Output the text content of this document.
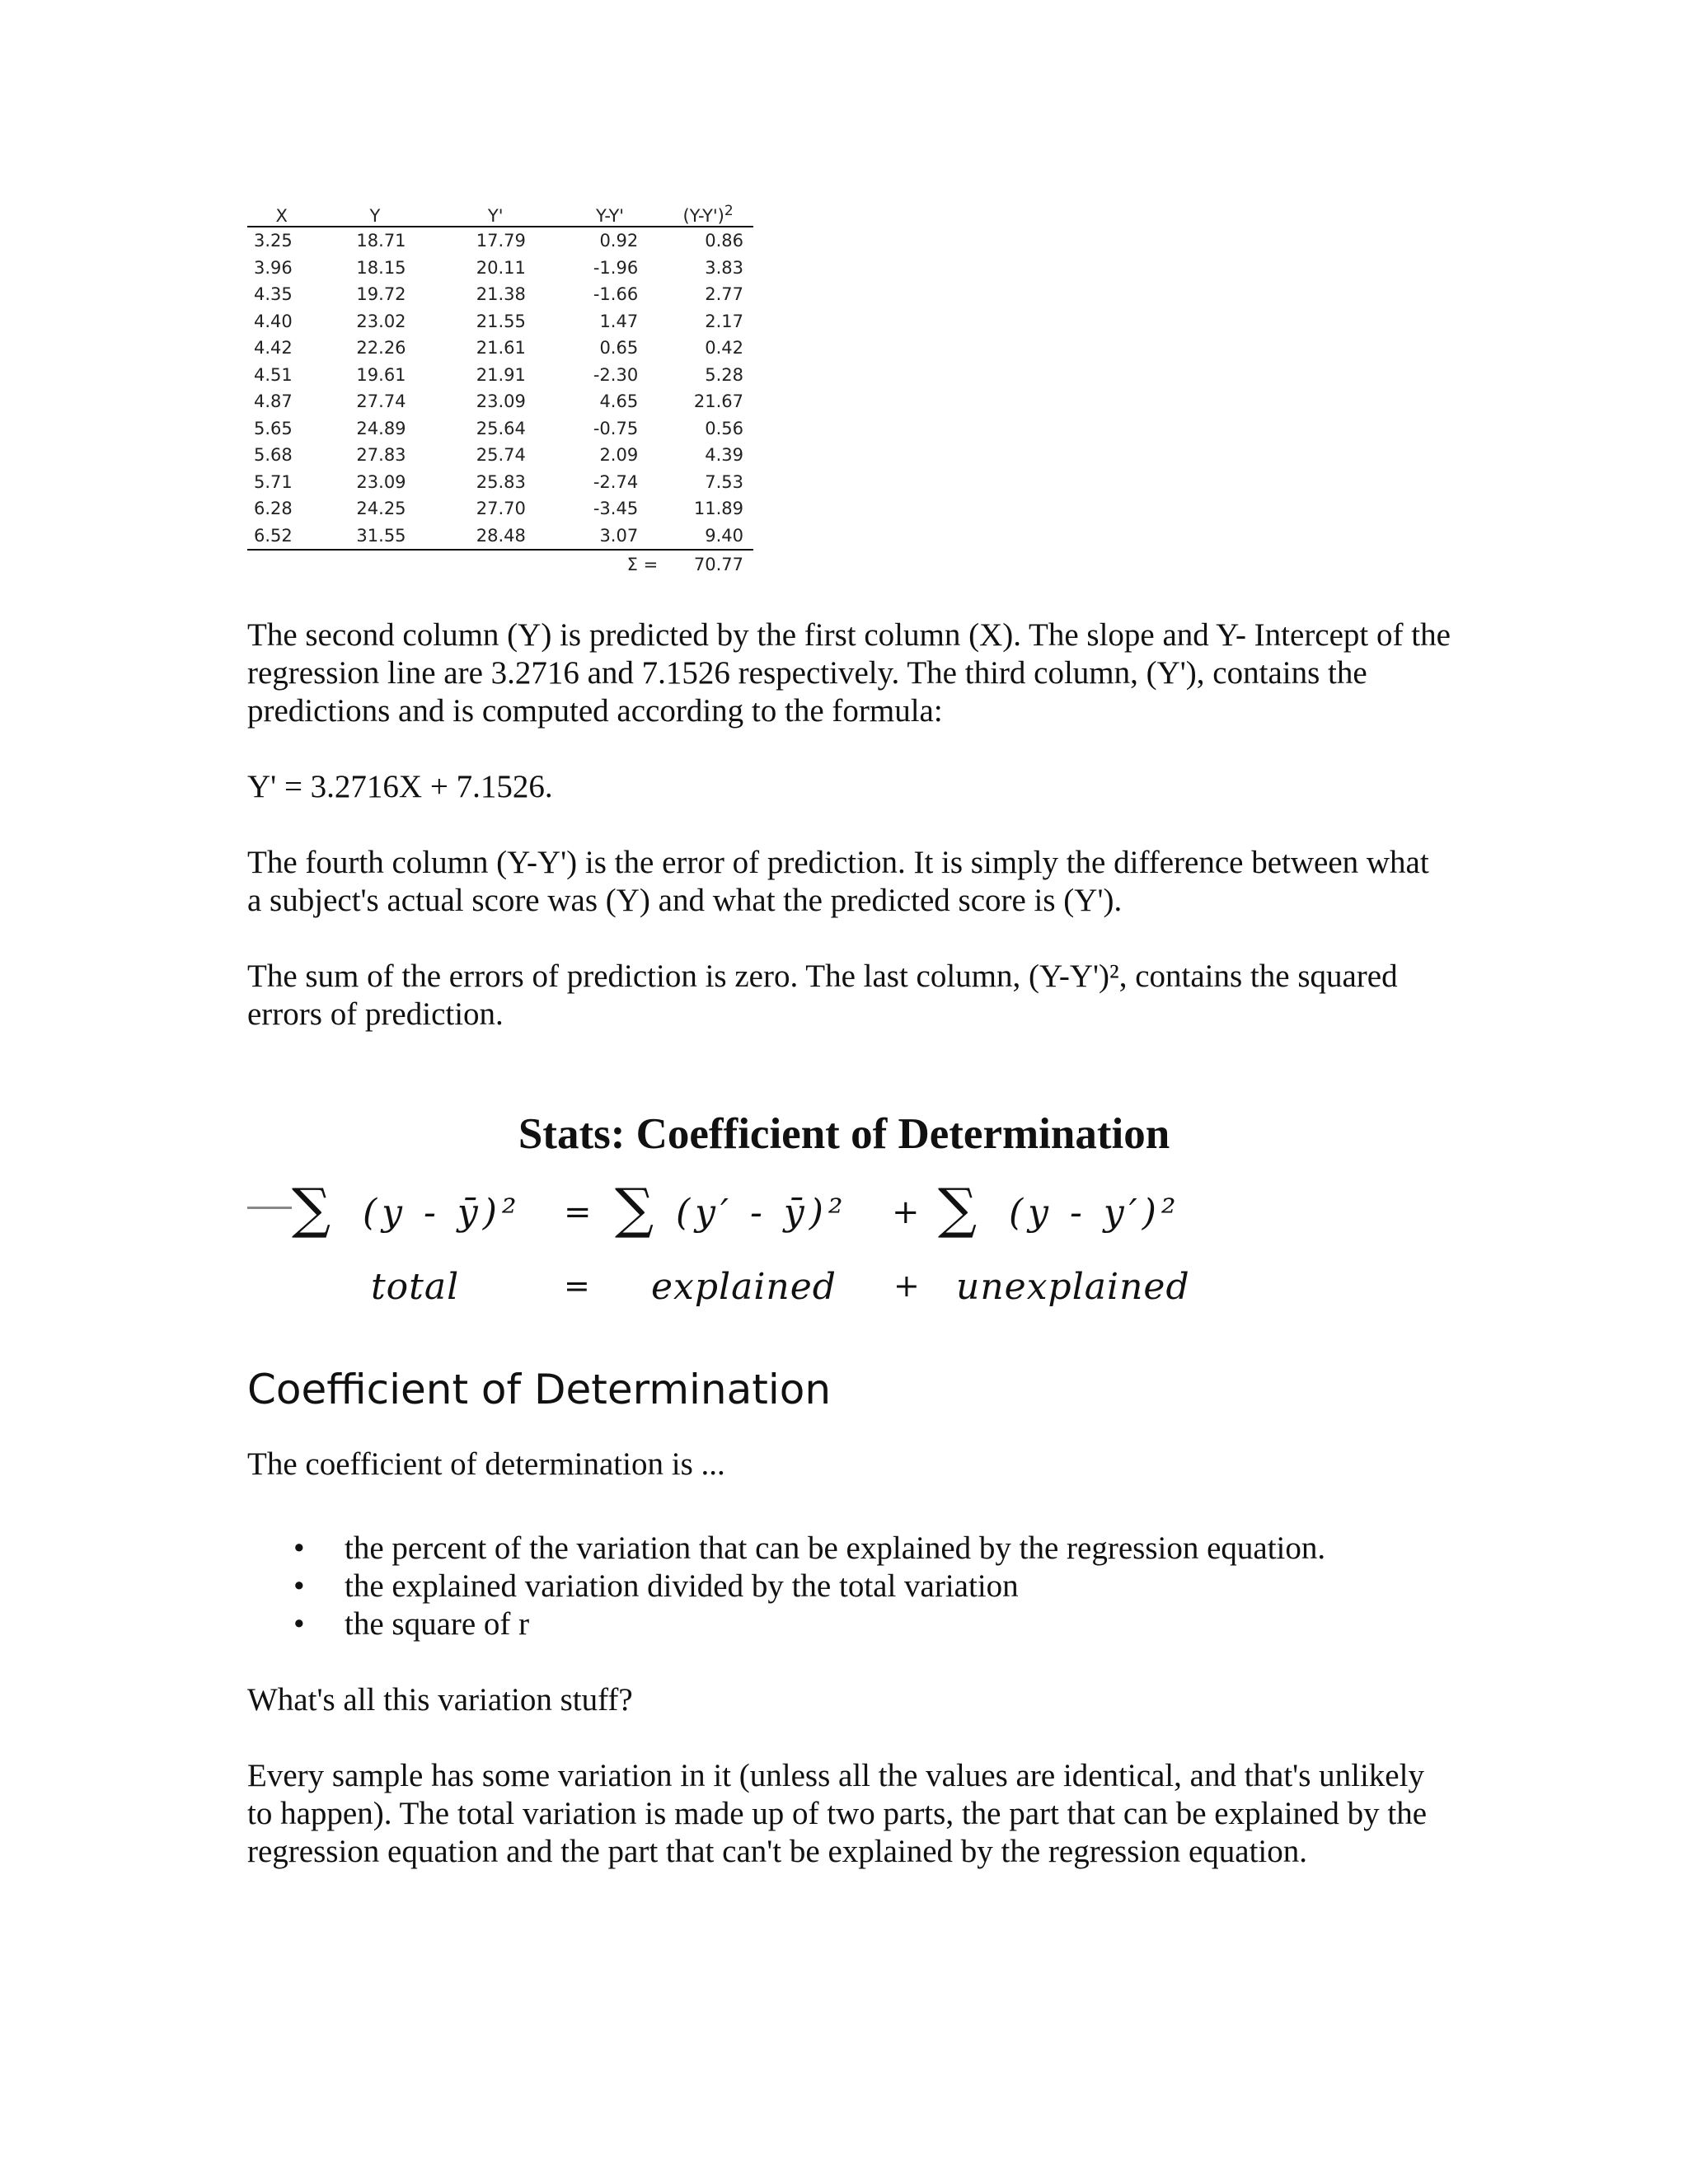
X	Y	Y'	Y-Y'	$(Y-Y')^2$
3.25	18.71	17.79	0.92	0.86
3.96	18.15	20.11	-1.96	3.83
4.35	19.72	21.38	-1.66	2.77
4.40	23.02	21.55	1.47	2.17
4.42	22.26	21.61	0.65	0.42
4.51	19.61	21.91	-2.30	5.28
4.87	27.74	23.09	4.65	21.67
5.65	24.89	25.64	-0.75	0.56
5.68	27.83	25.74	2.09	4.39
5.71	23.09	25.83	-2.74	7.53
6.28	24.25	27.70	-3.45	11.89
6.52	31.55	28.48	3.07	9.40
			Σ =	70.77

The second column (Y) is predicted by the first column (X). The slope and Y- Intercept of the regression line are 3.2716 and 7.1526 respectively. The third column, (Y'), contains the predictions and is computed according to the formula:

Y' = 3.2716X + 7.1526.

The fourth column (Y-Y') is the error of prediction. It is simply the difference between what a subject's actual score was (Y) and what the predicted score is (Y').

The sum of the errors of prediction is zero. The last column, (Y-Y')², contains the squared errors of prediction.

Stats: Coefficient of Determination
∑ (y - ȳ)² = ∑ (y′ - ȳ)² + ∑ (y - y′)²
total	= explained + unexplained
Coefficient of Determination

The coefficient of determination is ...

• the percent of the variation that can be explained by the regression equation.
• the explained variation divided by the total variation
• the square of r

What's all this variation stuff?

Every sample has some variation in it (unless all the values are identical, and that's unlikely to happen). The total variation is made up of two parts, the part that can be explained by the regression equation and the part that can't be explained by the regression equation.
